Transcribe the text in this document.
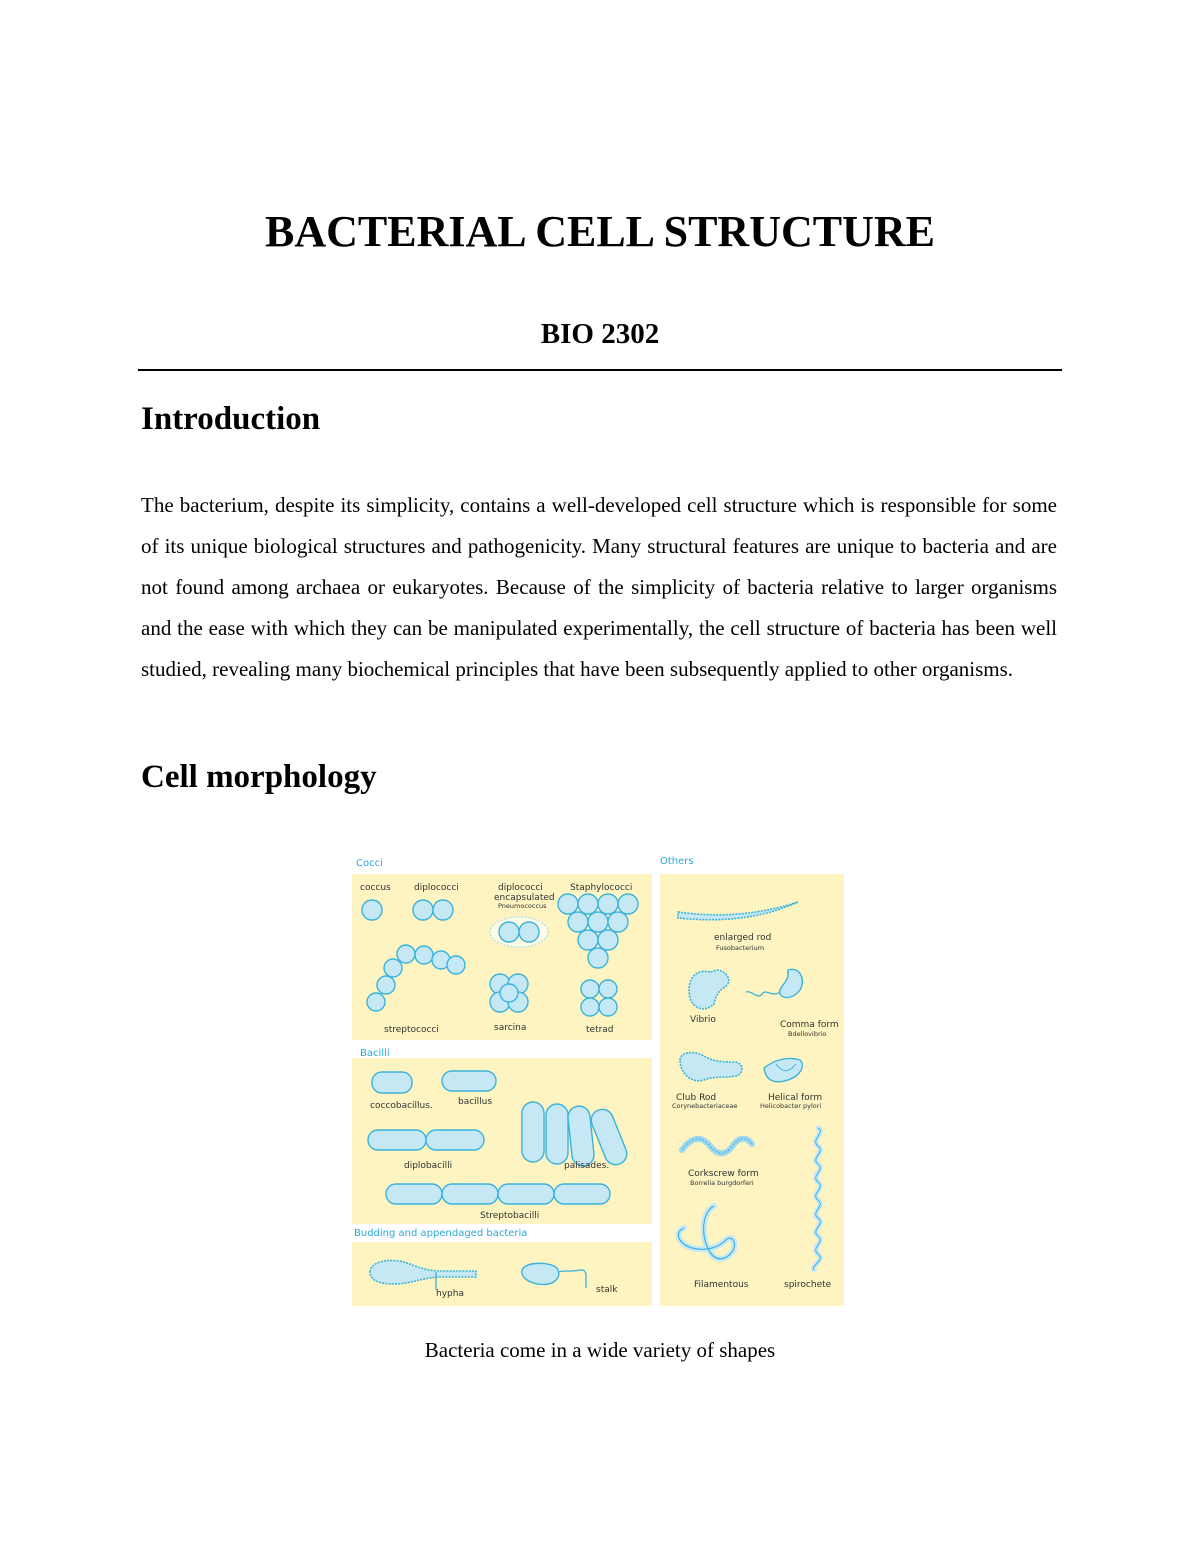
BACTERIAL CELL STRUCTURE
BIO 2302
Introduction

The bacterium, despite its simplicity, contains a well-developed cell structure which is responsible for some of its unique biological structures and pathogenicity. Many structural features are unique to bacteria and are not found among archaea or eukaryotes. Because of the simplicity of bacteria relative to larger organisms and the ease with which they can be manipulated experimentally, the cell structure of bacteria has been well studied, revealing many biochemical principles that have been subsequently applied to other organisms.

Cell morphology
Cocci
Bacilli
Budding and appendaged bacteria
Others
coccus	diplococci	diplococci
encapsulated
Pneumococcus
Staphylococci
streptococci	sarcina	tetrad
coccobacillus.	bacillus
diplobacilli	palisades.
Streptobacilli
hypha	stalk
enlarged rod
Fusobacterium
Vibrio	Comma form
Bdellovibrio
Club Rod
Corynebacteriaceae
Helical form
Helicobacter pylori
Corkscrew form
Borrelia burgdorferi
Filamentous	spirochete

Bacteria come in a wide variety of shapes
